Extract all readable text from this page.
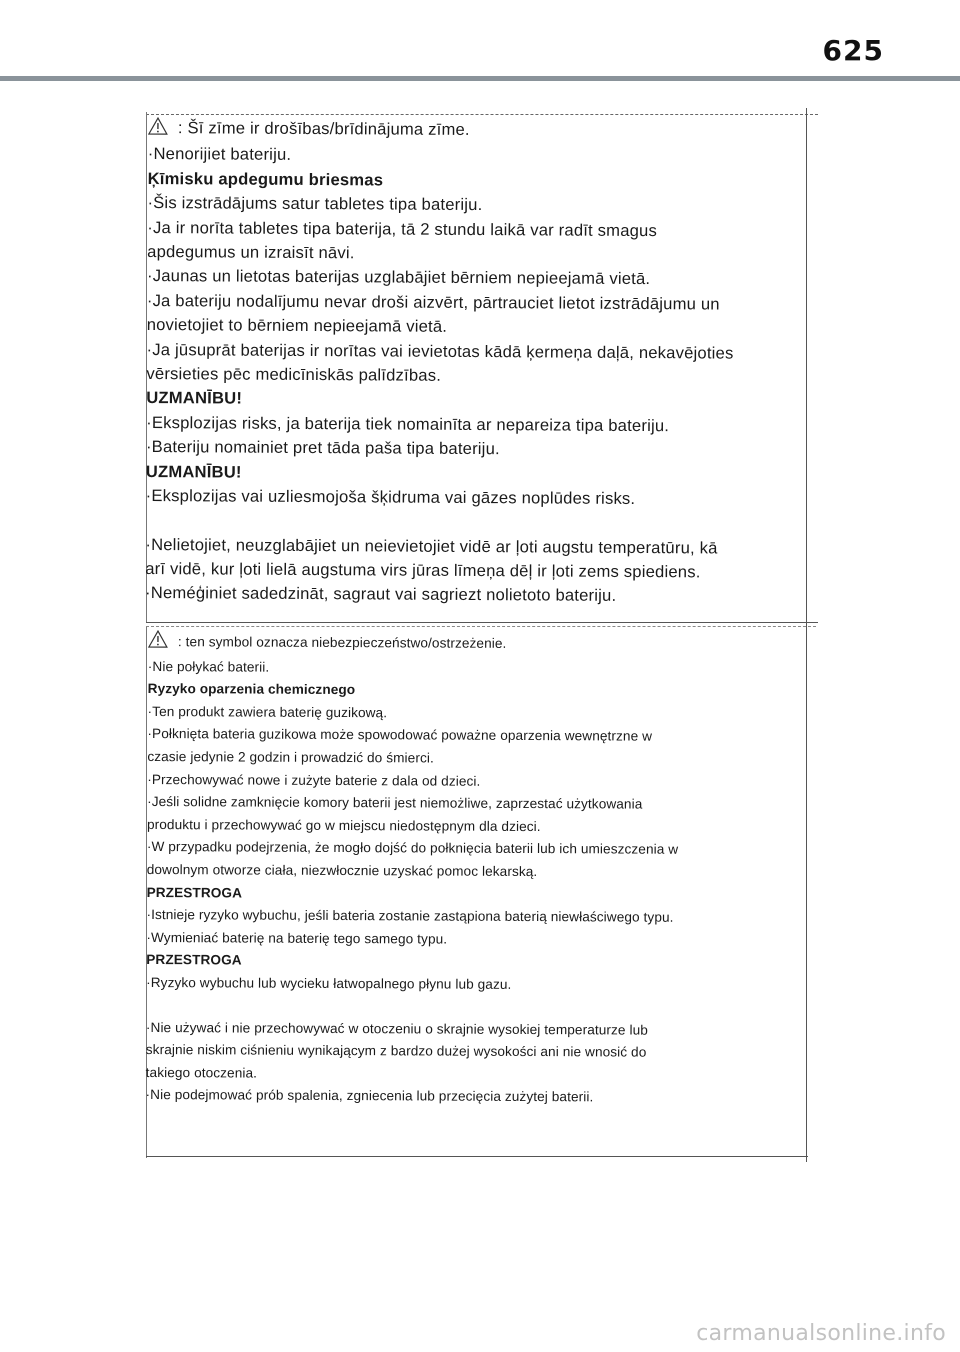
625
: Šī zīme ir drošības/brīdinājuma zīme.
·Nenorijiet bateriju.
Ķīmisku apdegumu briesmas
·Šis izstrādājums satur tabletes tipa bateriju.
·Ja ir norīta tabletes tipa baterija, tā 2 stundu laikā var radīt smagus
apdegumus un izraisīt nāvi.
·Jaunas un lietotas baterijas uzglabājiet bērniem nepieejamā vietā.
·Ja bateriju nodalījumu nevar droši aizvērt, pārtrauciet lietot izstrādājumu un
novietojiet to bērniem nepieejamā vietā.
·Ja jūsuprāt baterijas ir norītas vai ievietotas kādā ķermeņa daļā, nekavējoties
vērsieties pēc medicīniskās palīdzības.
UZMANĪBU!
·Eksplozijas risks, ja baterija tiek nomainīta ar nepareiza tipa bateriju.
·Bateriju nomainiet pret tāda paša tipa bateriju.
UZMANĪBU!
·Eksplozijas vai uzliesmojoša šķidruma vai gāzes noplūdes risks.
·Nelietojiet, neuzglabājiet un neievietojiet vidē ar ļoti augstu temperatūru, kā
arī vidē, kur ļoti lielā augstuma virs jūras līmeņa dēļ ir ļoti zems spiediens.
·Neméģiniet sadedzināt, sagraut vai sagriezt nolietoto bateriju.
: ten symbol oznacza niebezpieczeństwo/ostrzeżenie.
·Nie połykać baterii.
Ryzyko oparzenia chemicznego
·Ten produkt zawiera baterię guzikową.
·Połknięta bateria guzikowa może spowodować poważne oparzenia wewnętrzne w
czasie jedynie 2 godzin i prowadzić do śmierci.
·Przechowywać nowe i zużyte baterie z dala od dzieci.
·Jeśli solidne zamknięcie komory baterii jest niemożliwe, zaprzestać użytkowania
produktu i przechowywać go w miejscu niedostępnym dla dzieci.
·W przypadku podejrzenia, że mogło dojść do połknięcia baterii lub ich umieszczenia w
dowolnym otworze ciała, niezwłocznie uzyskać pomoc lekarską.
PRZESTROGA
·Istnieje ryzyko wybuchu, jeśli bateria zostanie zastąpiona baterią niewłaściwego typu.
·Wymieniać baterię na baterię tego samego typu.
PRZESTROGA
·Ryzyko wybuchu lub wycieku łatwopalnego płynu lub gazu.
·Nie używać i nie przechowywać w otoczeniu o skrajnie wysokiej temperaturze lub
skrajnie niskim ciśnieniu wynikającym z bardzo dużej wysokości ani nie wnosić do
takiego otoczenia.
·Nie podejmować prób spalenia, zgniecenia lub przecięcia zużytej baterii.
carmanualsonline.info
